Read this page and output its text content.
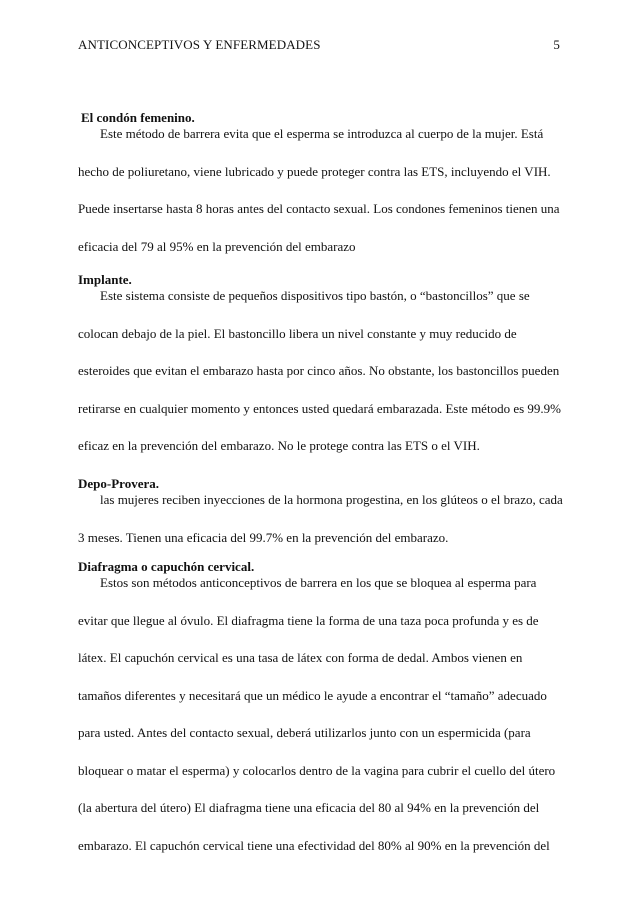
ANTICONCEPTIVOS Y ENFERMEDADES	5

El condón femenino.

Este método de barrera evita que el esperma se introduzca al cuerpo de la mujer. Está

hecho de poliuretano, viene lubricado y puede proteger contra las ETS, incluyendo el VIH.

Puede insertarse hasta 8 horas antes del contacto sexual. Los condones femeninos tienen una

eficacia del 79 al 95% en la prevención del embarazo

Implante.

Este sistema consiste de pequeños dispositivos tipo bastón, o “bastoncillos” que se

colocan debajo de la piel. El bastoncillo libera un nivel constante y muy reducido de

esteroides que evitan el embarazo hasta por cinco años. No obstante, los bastoncillos pueden

retirarse en cualquier momento y entonces usted quedará embarazada. Este método es 99.9%

eficaz en la prevención del embarazo. No le protege contra las ETS o el VIH.

Depo-Provera.

las mujeres reciben inyecciones de la hormona progestina, en los glúteos o el brazo, cada

3 meses. Tienen una eficacia del 99.7% en la prevención del embarazo.

Diafragma o capuchón cervical.

Estos son métodos anticonceptivos de barrera en los que se bloquea al esperma para

evitar que llegue al óvulo. El diafragma tiene la forma de una taza poca profunda y es de

látex. El capuchón cervical es una tasa de látex con forma de dedal. Ambos vienen en

tamaños diferentes y necesitará que un médico le ayude a encontrar el “tamaño” adecuado

para usted. Antes del contacto sexual, deberá utilizarlos junto con un espermicida (para

bloquear o matar el esperma) y colocarlos dentro de la vagina para cubrir el cuello del útero

(la abertura del útero) El diafragma tiene una eficacia del 80 al 94% en la prevención del

embarazo. El capuchón cervical tiene una efectividad del 80% al 90% en la prevención del
